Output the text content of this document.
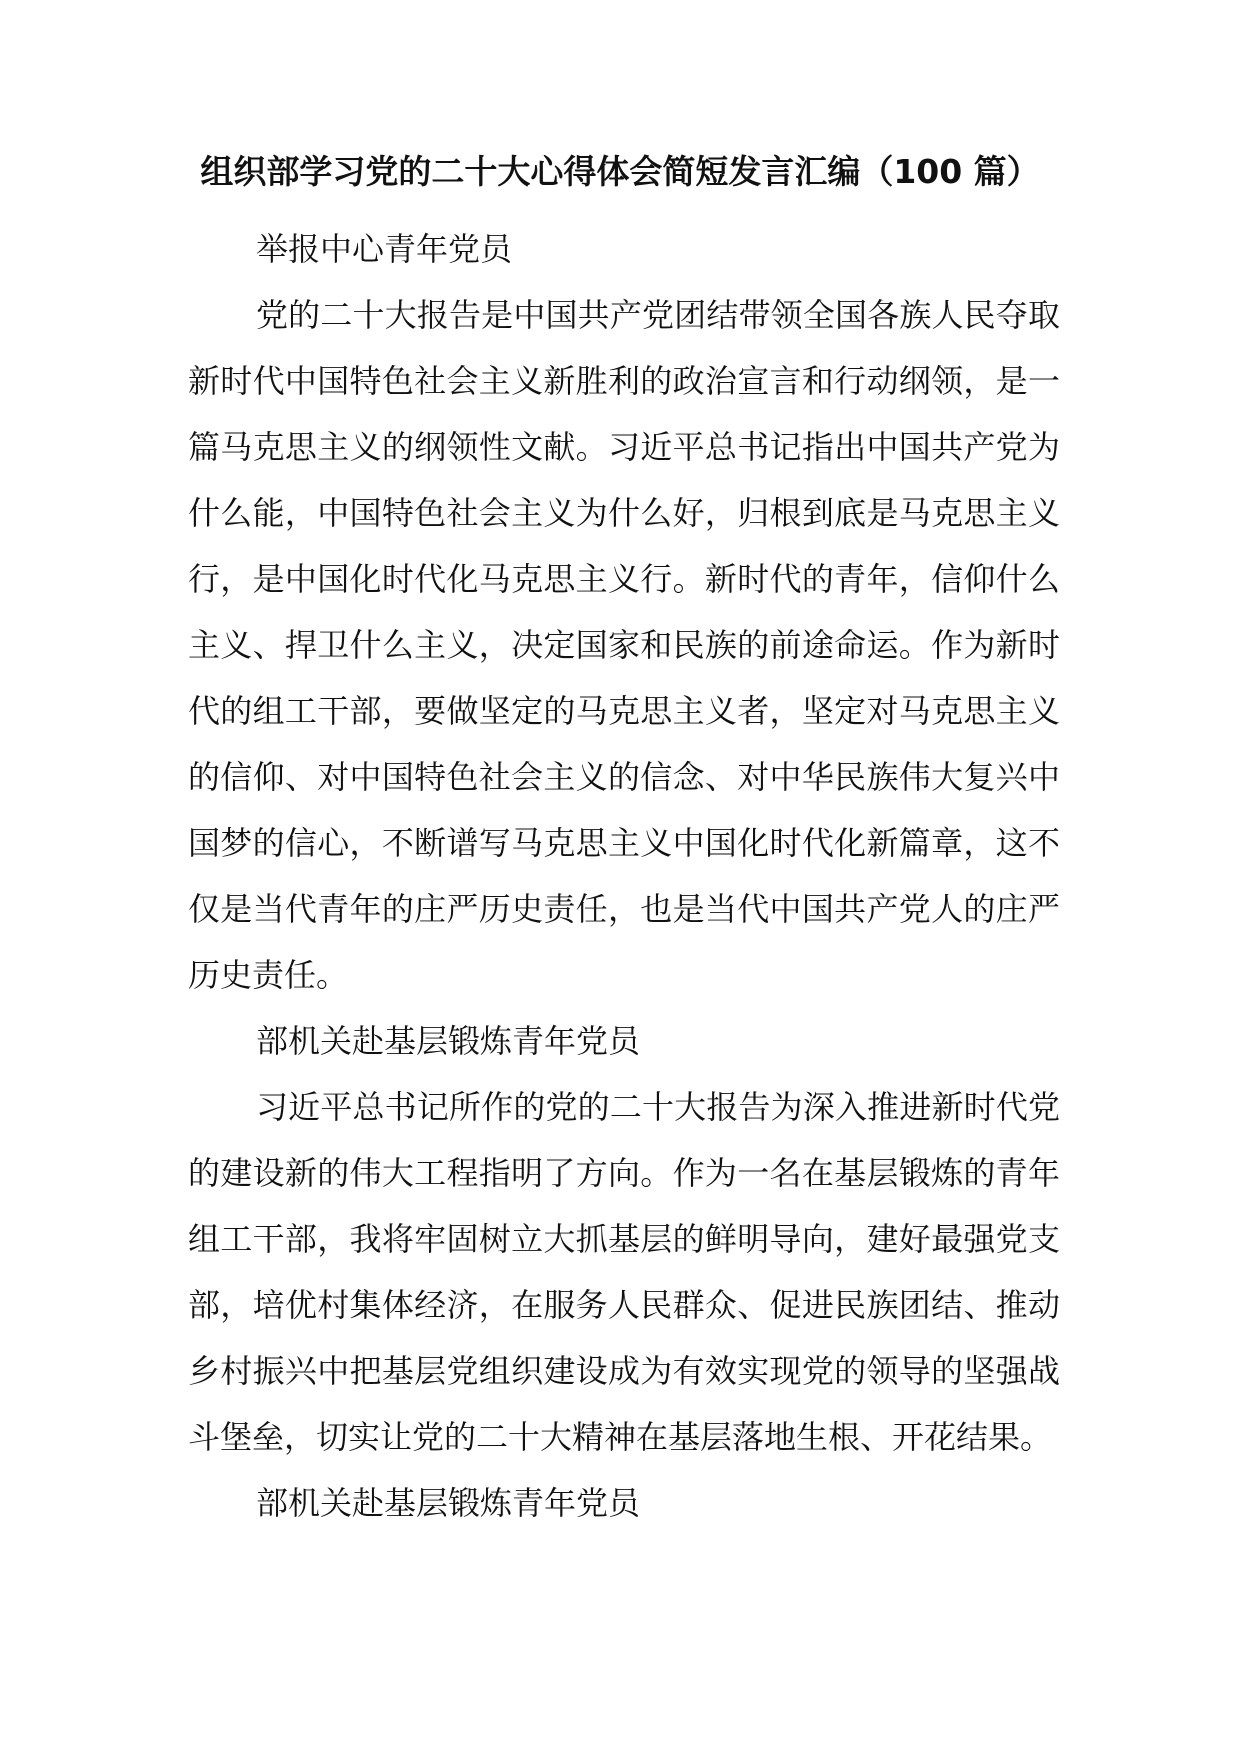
组织部学习党的二十大心得体会简短发言汇编（100 篇）

举报中心青年党员

党的二十大报告是中国共产党团结带领全国各族人民夺取新时代中国特色社会主义新胜利的政治宣言和行动纲领，是一篇马克思主义的纲领性文献。习近平总书记指出中国共产党为什么能，中国特色社会主义为什么好，归根到底是马克思主义行，是中国化时代化马克思主义行。新时代的青年，信仰什么主义、捍卫什么主义，决定国家和民族的前途命运。作为新时代的组工干部，要做坚定的马克思主义者，坚定对马克思主义的信仰、对中国特色社会主义的信念、对中华民族伟大复兴中国梦的信心，不断谱写马克思主义中国化时代化新篇章，这不仅是当代青年的庄严历史责任，也是当代中国共产党人的庄严历史责任。

部机关赴基层锻炼青年党员

习近平总书记所作的党的二十大报告为深入推进新时代党的建设新的伟大工程指明了方向。作为一名在基层锻炼的青年组工干部，我将牢固树立大抓基层的鲜明导向，建好最强党支部，培优村集体经济，在服务人民群众、促进民族团结、推动乡村振兴中把基层党组织建设成为有效实现党的领导的坚强战斗堡垒，切实让党的二十大精神在基层落地生根、开花结果。

部机关赴基层锻炼青年党员
